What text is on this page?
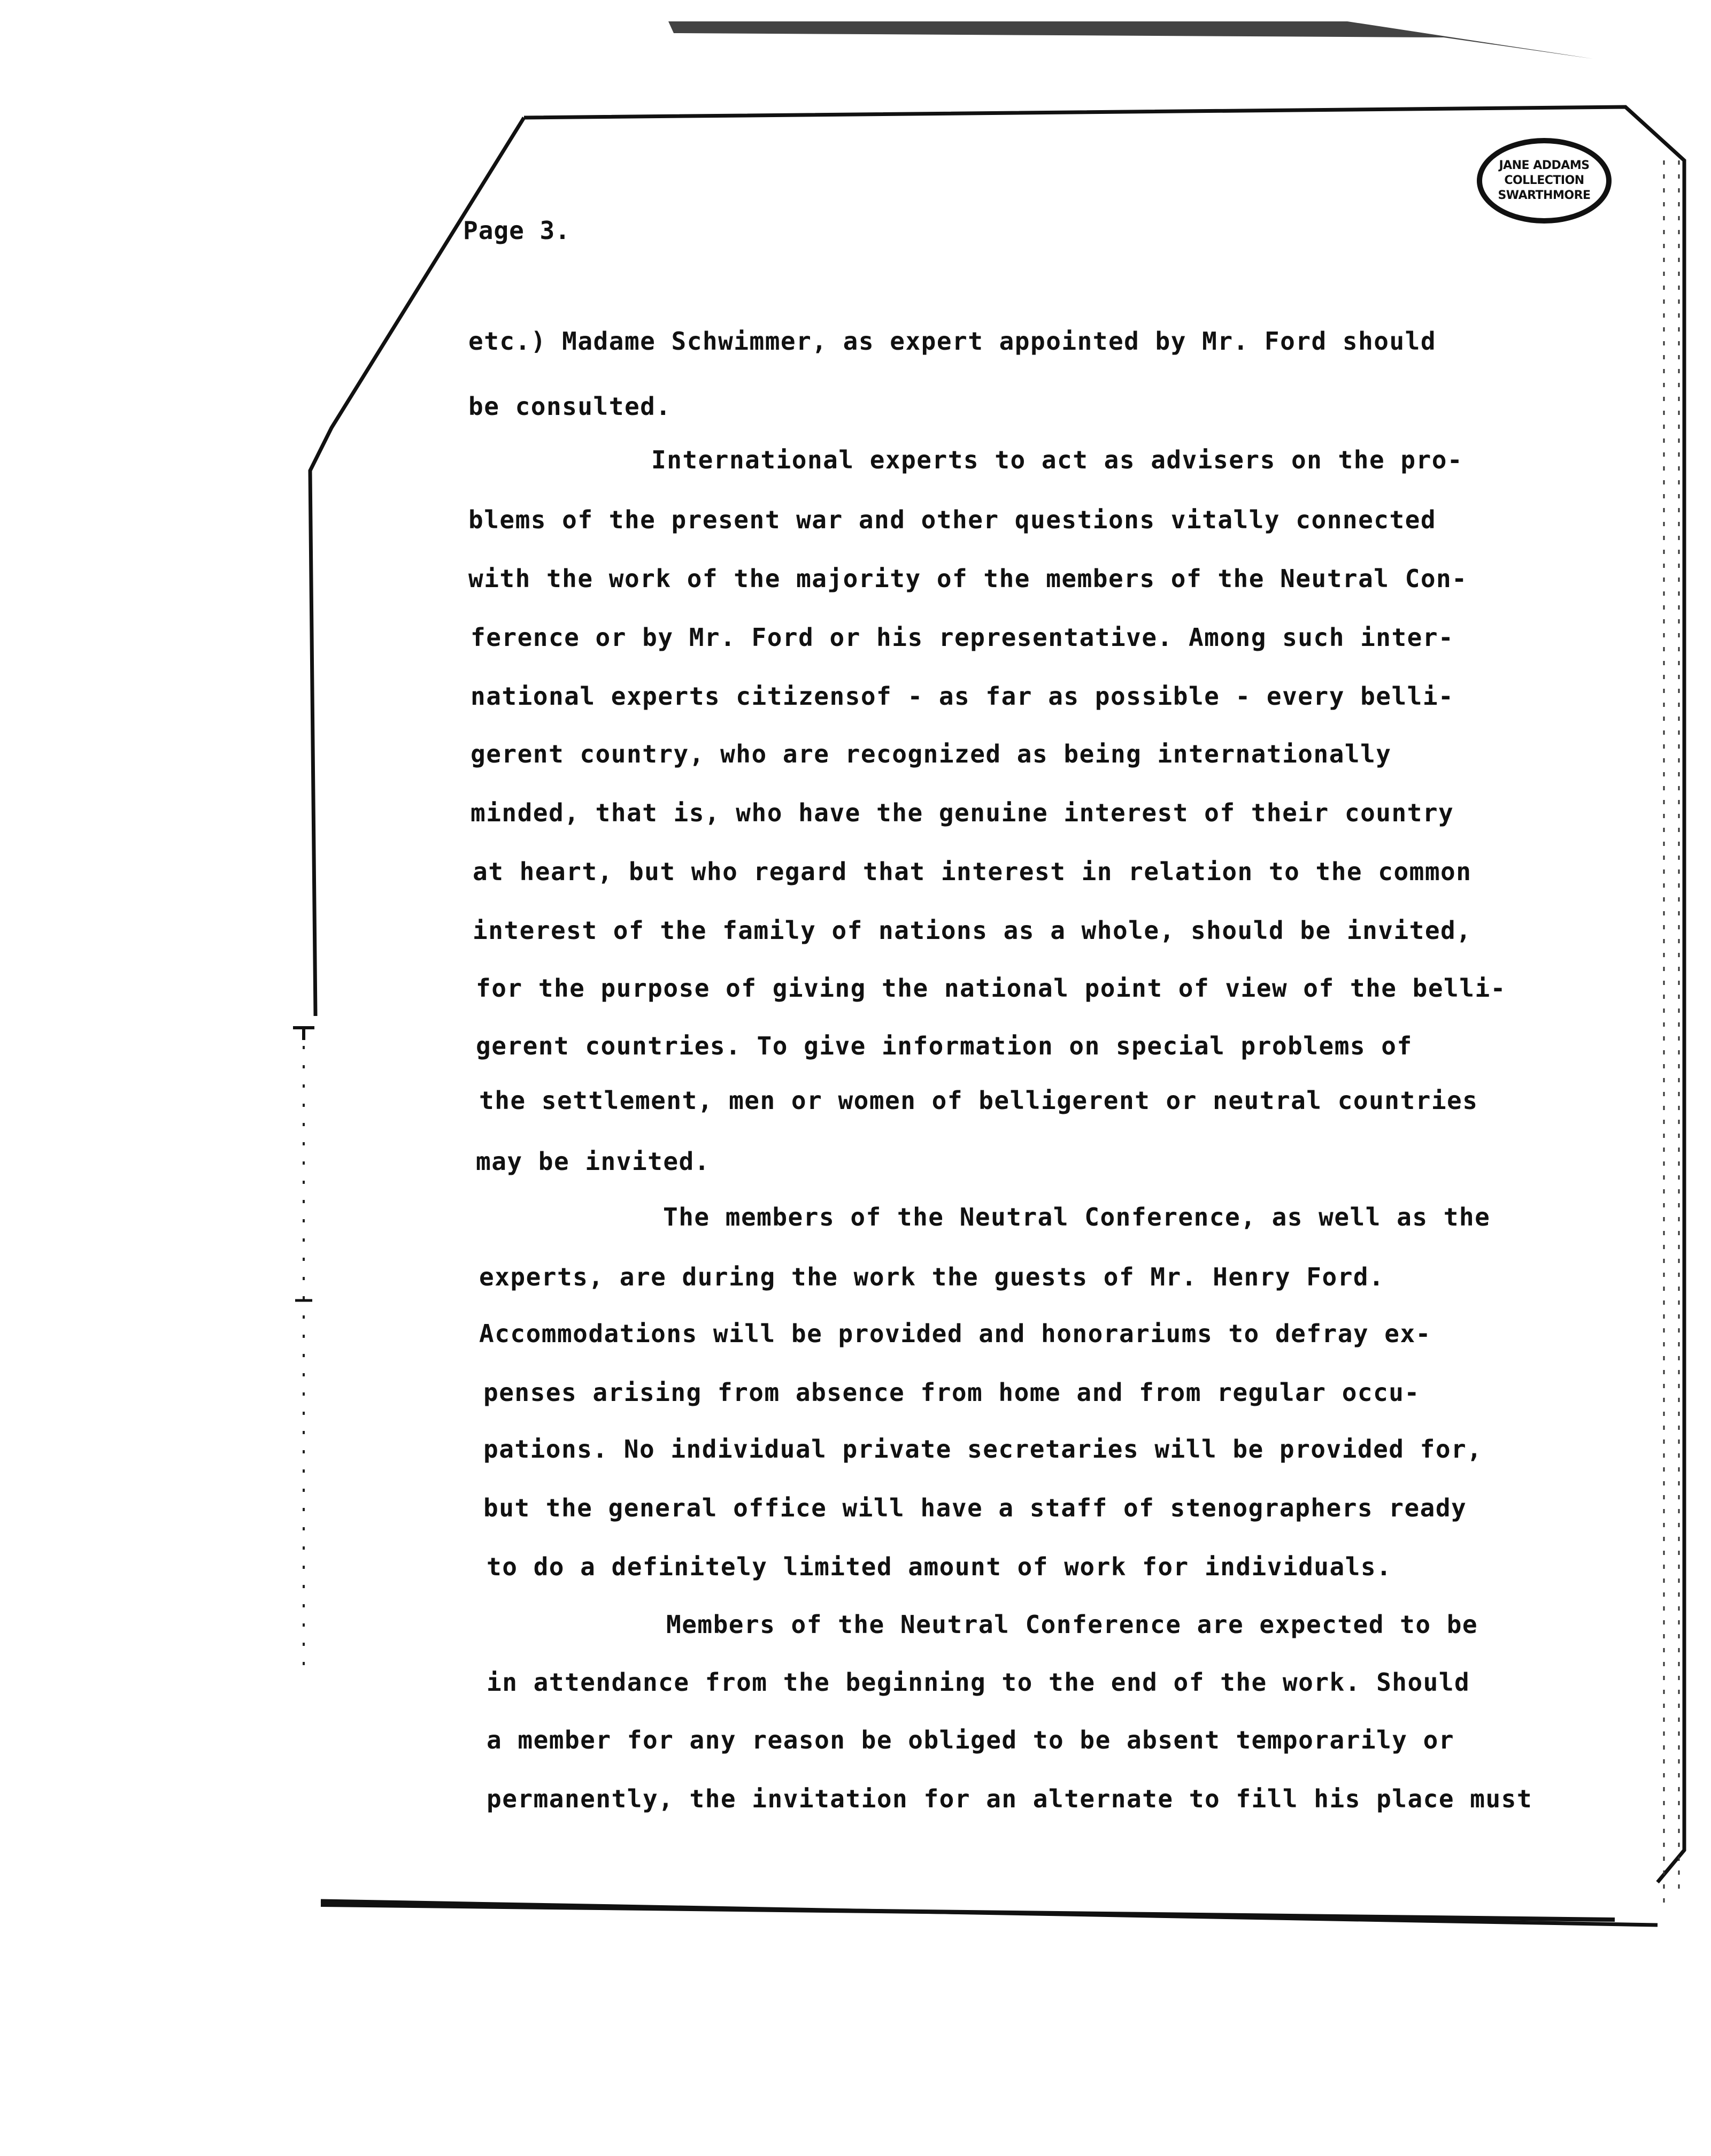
JANE ADDAMS
COLLECTION
SWARTHMORE
Page 3.
etc.) Madame Schwimmer, as expert appointed by Mr. Ford should
be consulted.
International experts to act as advisers on the pro-
blems of the present war and other questions vitally connected
with the work of the majority of the members of the Neutral Con-
ference or by Mr. Ford or his representative. Among such inter-
national experts citizensof - as far as possible - every belli-
gerent country, who are recognized as being internationally
minded, that is, who have the genuine interest of their country
at heart, but who regard that interest in relation to the common
interest of the family of nations as a whole, should be invited,
for the purpose of giving the national point of view of the belli-
gerent countries. To give information on special problems of
the settlement, men or women of belligerent or neutral countries
may be invited.
The members of the Neutral Conference, as well as the
experts, are during the work the guests of Mr. Henry Ford.
Accommodations will be provided and honorariums to defray ex-
penses arising from absence from home and from regular occu-
pations. No individual private secretaries will be provided for,
but the general office will have a staff of stenographers ready
to do a definitely limited amount of work for individuals.
Members of the Neutral Conference are expected to be
in attendance from the beginning to the end of the work. Should
a member for any reason be obliged to be absent temporarily or
permanently, the invitation for an alternate to fill his place must
